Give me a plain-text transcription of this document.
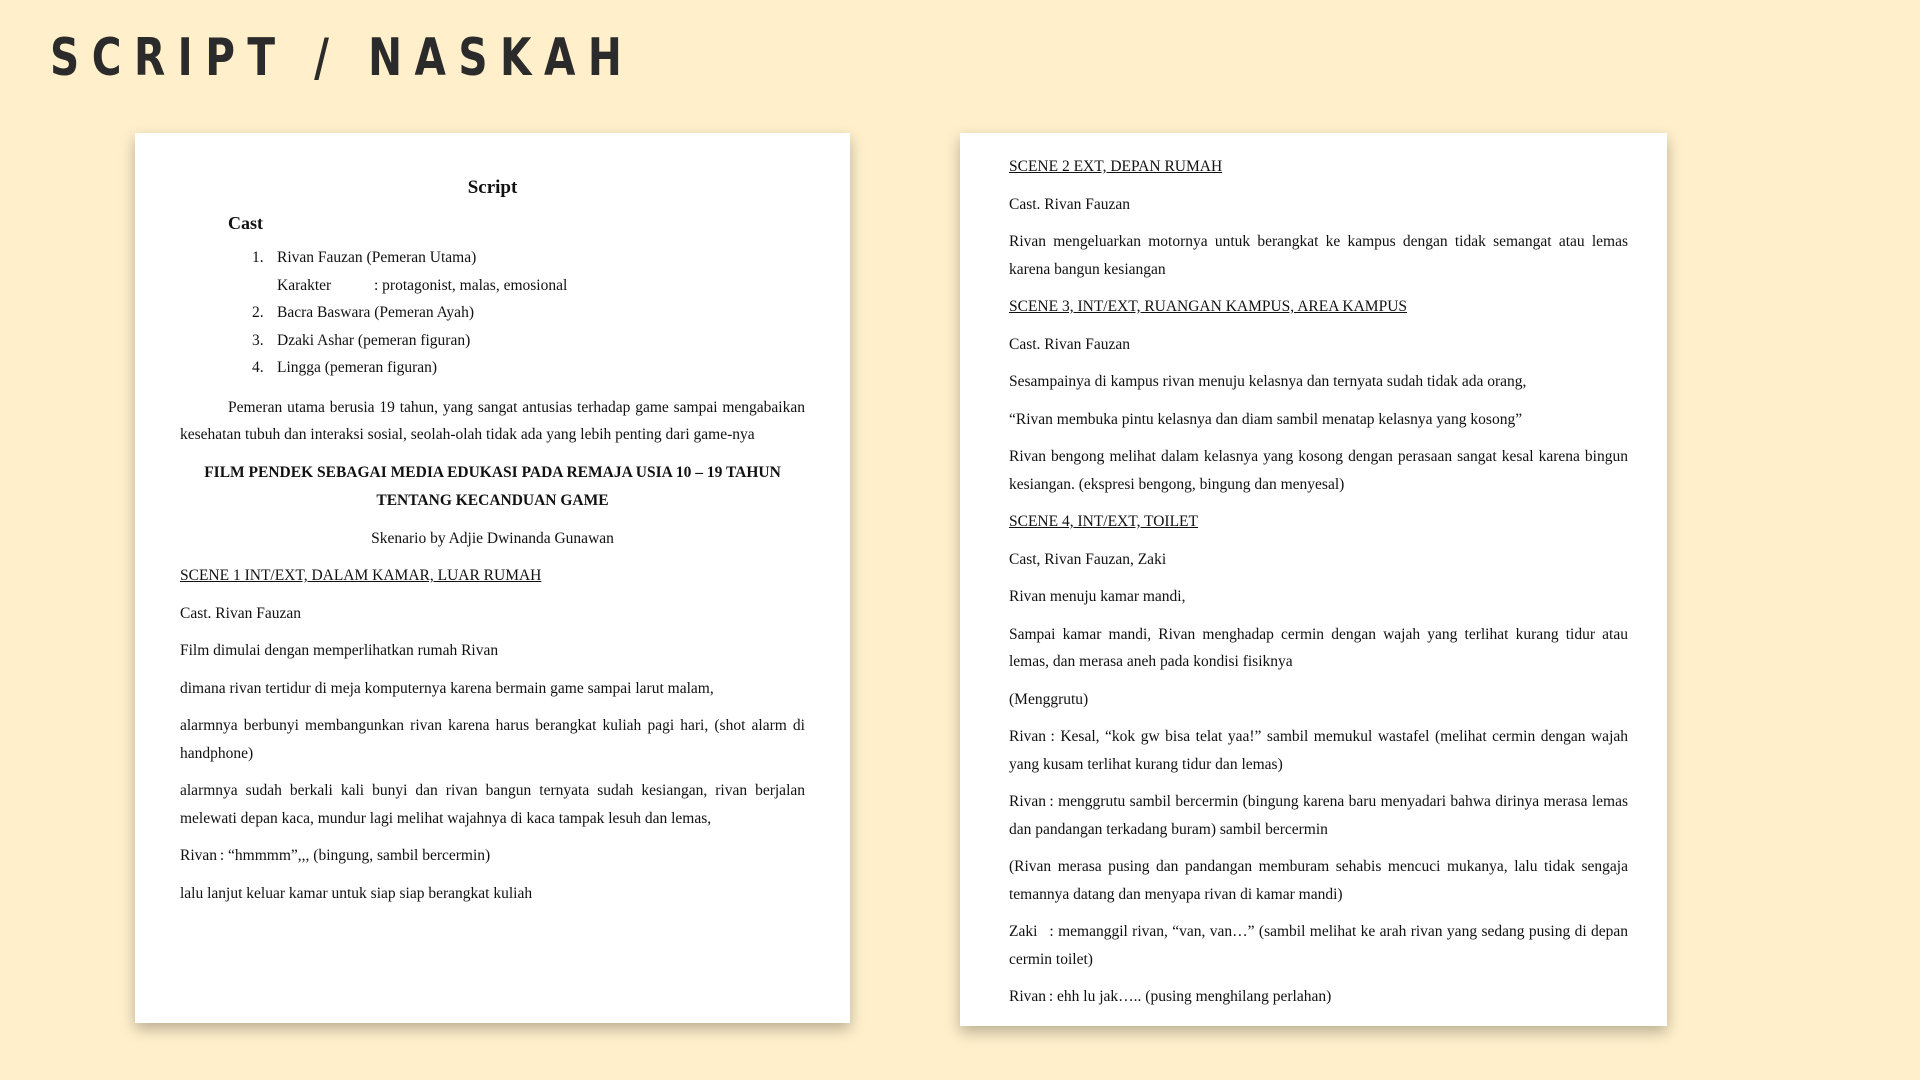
SCRIPT / NASKAH
Script
Cast
1. Rivan Fauzan (Pemeran Utama)
Karakter	: protagonist, malas, emosional
2. Bacra Baswara (Pemeran Ayah)
3. Dzaki Ashar (pemeran figuran)
4. Lingga (pemeran figuran)

Pemeran utama berusia 19 tahun, yang sangat antusias terhadap game sampai mengabaikan kesehatan tubuh dan interaksi sosial, seolah-olah tidak ada yang lebih penting dari game-nya

FILM PENDEK SEBAGAI MEDIA EDUKASI PADA REMAJA USIA 10 – 19 TAHUN TENTANG KECANDUAN GAME

Skenario by Adjie Dwinanda Gunawan

SCENE 1 INT/EXT, DALAM KAMAR, LUAR RUMAH

Cast. Rivan Fauzan

Film dimulai dengan memperlihatkan rumah Rivan

dimana rivan tertidur di meja komputernya karena bermain game sampai larut malam,

alarmnya berbunyi membangunkan rivan karena harus berangkat kuliah pagi hari, (shot alarm di handphone)

alarmnya sudah berkali kali bunyi dan rivan bangun ternyata sudah kesiangan, rivan berjalan melewati depan kaca, mundur lagi melihat wajahnya di kaca tampak lesuh dan lemas,

Rivan : “hmmmm”,,, (bingung, sambil bercermin)

lalu lanjut keluar kamar untuk siap siap berangkat kuliah

SCENE 2 EXT, DEPAN RUMAH

Cast. Rivan Fauzan

Rivan mengeluarkan motornya untuk berangkat ke kampus dengan tidak semangat atau lemas karena bangun kesiangan

SCENE 3, INT/EXT, RUANGAN KAMPUS, AREA KAMPUS

Cast. Rivan Fauzan

Sesampainya di kampus rivan menuju kelasnya dan ternyata sudah tidak ada orang,

“Rivan membuka pintu kelasnya dan diam sambil menatap kelasnya yang kosong”

Rivan bengong melihat dalam kelasnya yang kosong dengan perasaan sangat kesal karena bingun kesiangan. (ekspresi bengong, bingung dan menyesal)

SCENE 4, INT/EXT, TOILET

Cast, Rivan Fauzan, Zaki

Rivan menuju kamar mandi,

Sampai kamar mandi, Rivan menghadap cermin dengan wajah yang terlihat kurang tidur atau lemas, dan merasa aneh pada kondisi fisiknya

(Menggrutu)

Rivan : Kesal, “kok gw bisa telat yaa!” sambil memukul wastafel (melihat cermin dengan wajah yang kusam terlihat kurang tidur dan lemas)

Rivan : menggrutu sambil bercermin (bingung karena baru menyadari bahwa dirinya merasa lemas dan pandangan terkadang buram) sambil bercermin

(Rivan merasa pusing dan pandangan memburam sehabis mencuci mukanya, lalu tidak sengaja temannya datang dan menyapa rivan di kamar mandi)

Zaki : memanggil rivan, “van, van…” (sambil melihat ke arah rivan yang sedang pusing di depan cermin toilet)

Rivan : ehh lu jak….. (pusing menghilang perlahan)
